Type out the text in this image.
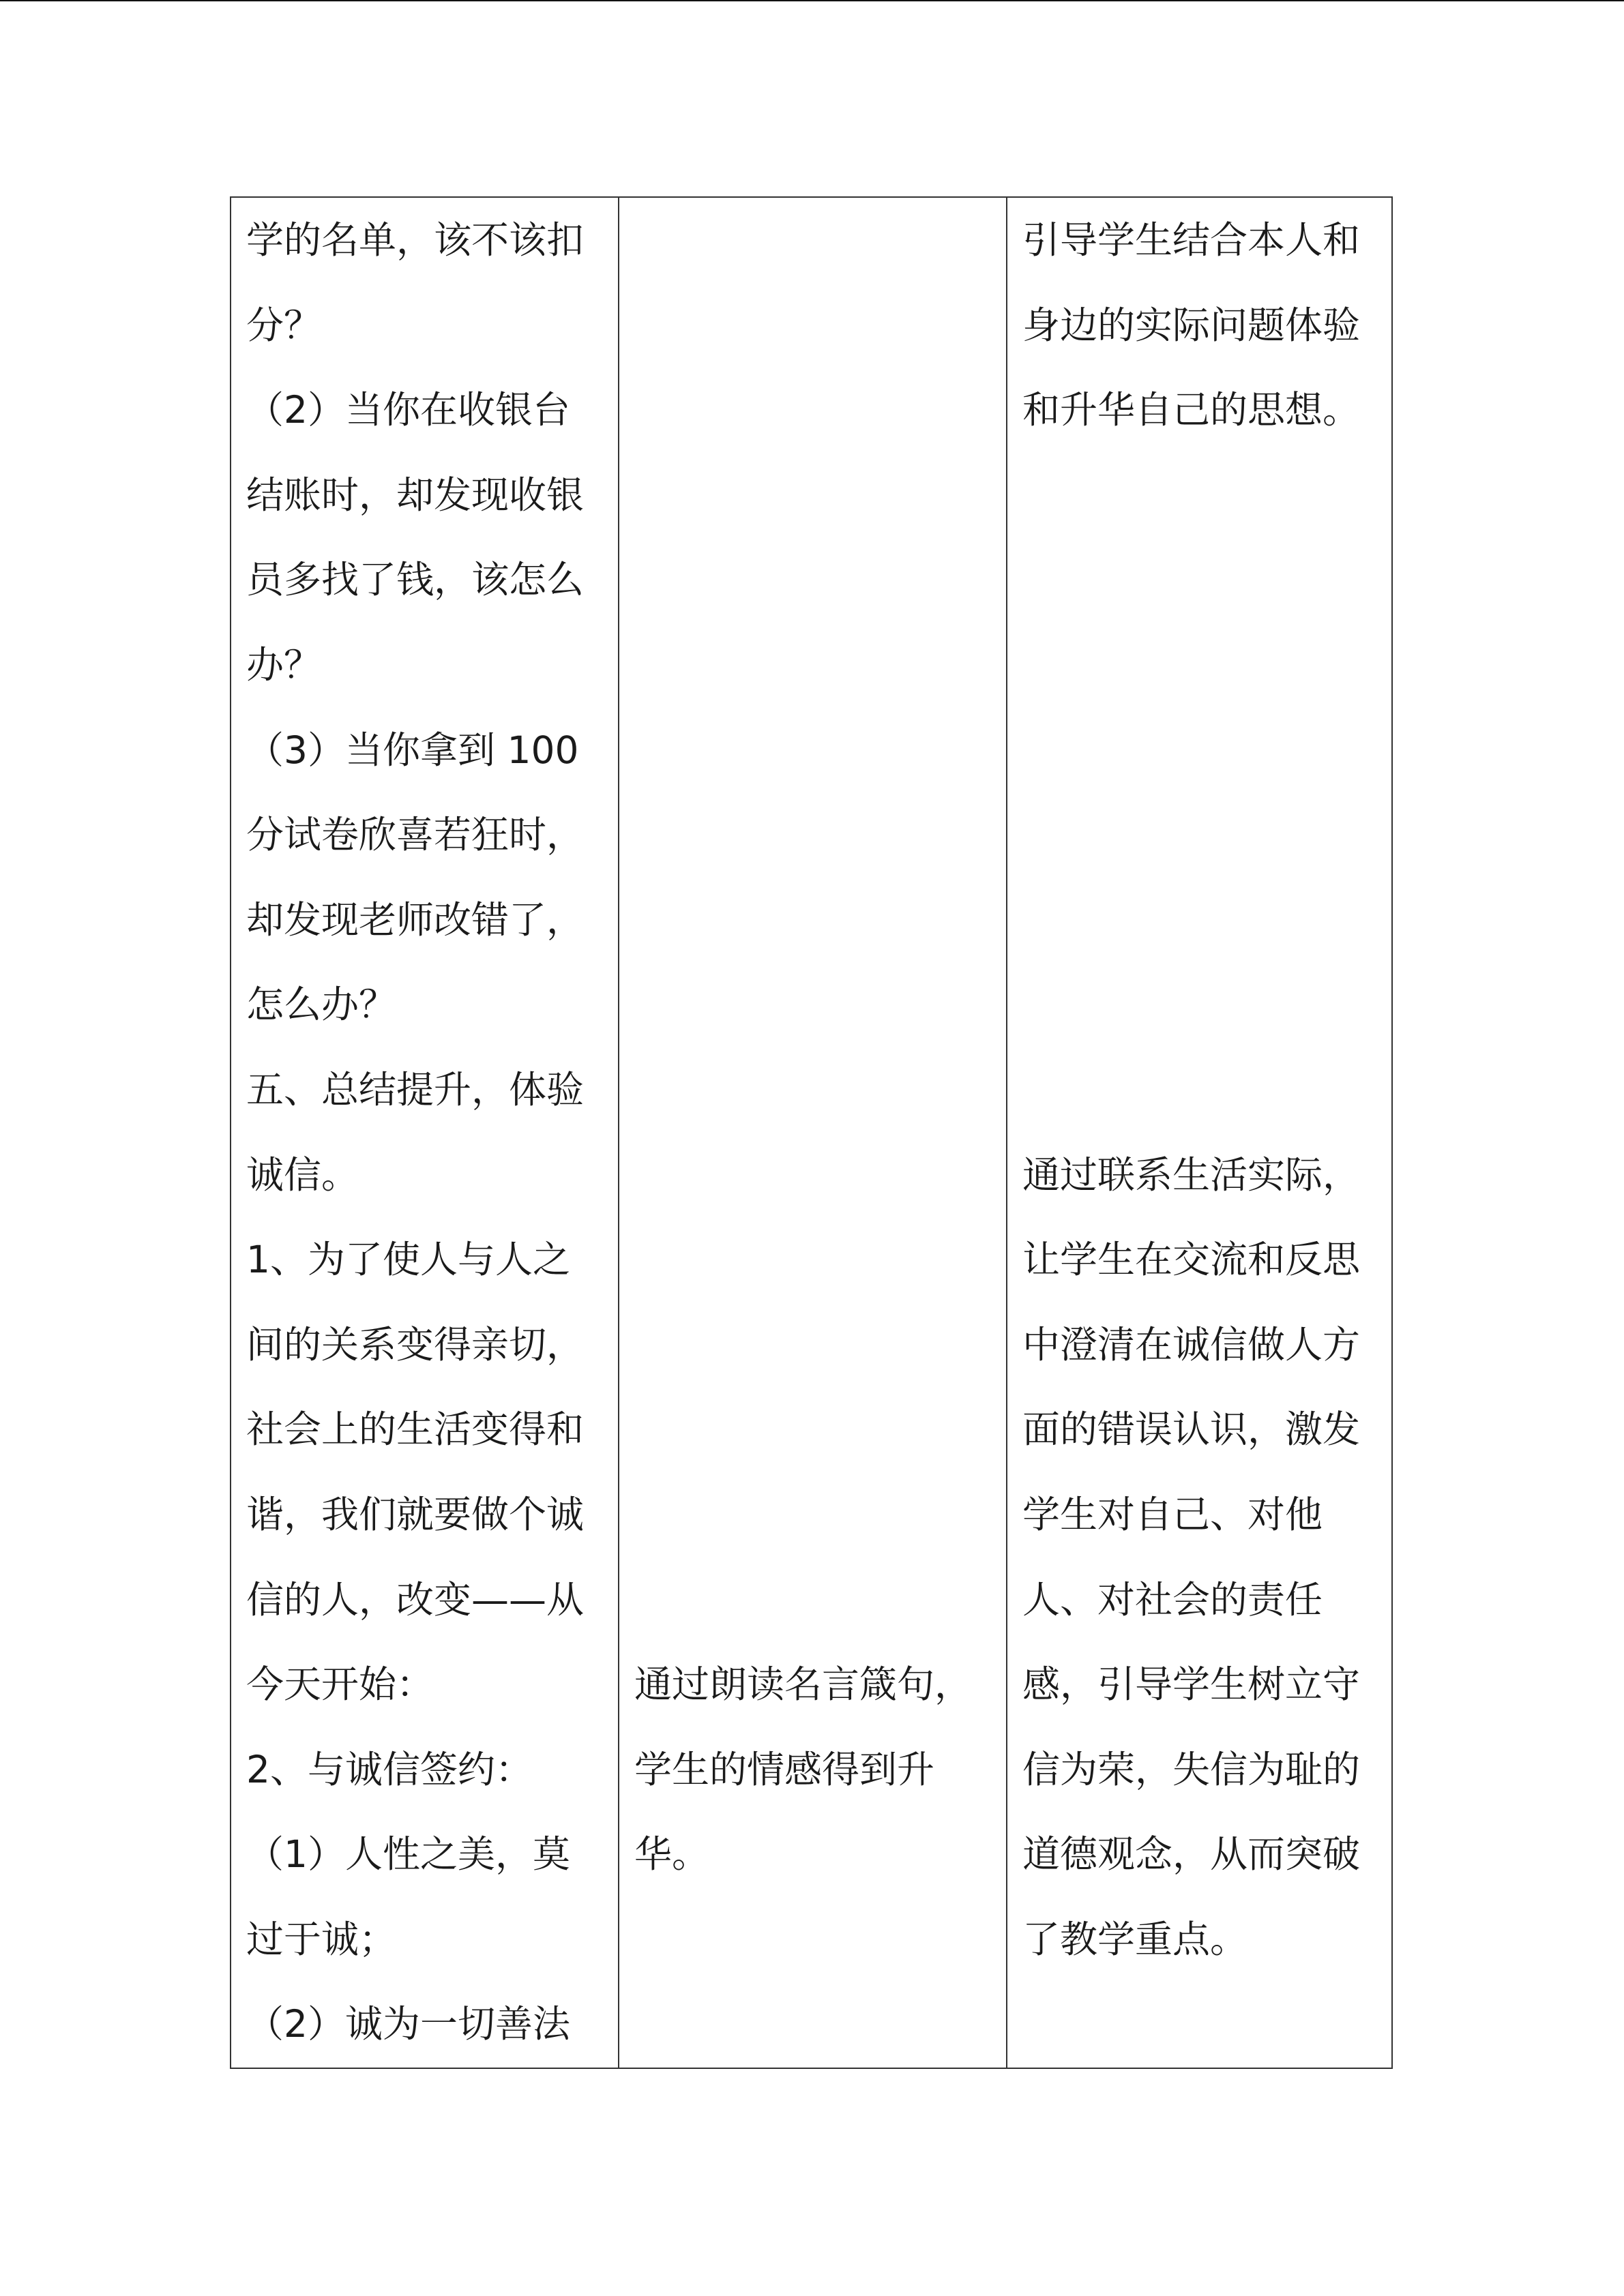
学的名单，该不该扣
分？
（2）当你在收银台
结账时，却发现收银
员多找了钱，该怎么
办？
（3）当你拿到 100
分试卷欣喜若狂时，
却发现老师改错了，
怎么办？
五、总结提升，体验
诚信。
1、为了使人与人之
间的关系变得亲切，
社会上的生活变得和
谐，我们就要做个诚
信的人，改变——从
今天开始：
2、与诚信签约：
（1）人性之美，莫
过于诚；
（2）诚为一切善法
通过朗读名言箴句，
学生的情感得到升
华。
引导学生结合本人和
身边的实际问题体验
和升华自己的思想。
通过联系生活实际，
让学生在交流和反思
中澄清在诚信做人方
面的错误认识，激发
学生对自己、对他
人、对社会的责任
感，引导学生树立守
信为荣，失信为耻的
道德观念，从而突破
了教学重点。
